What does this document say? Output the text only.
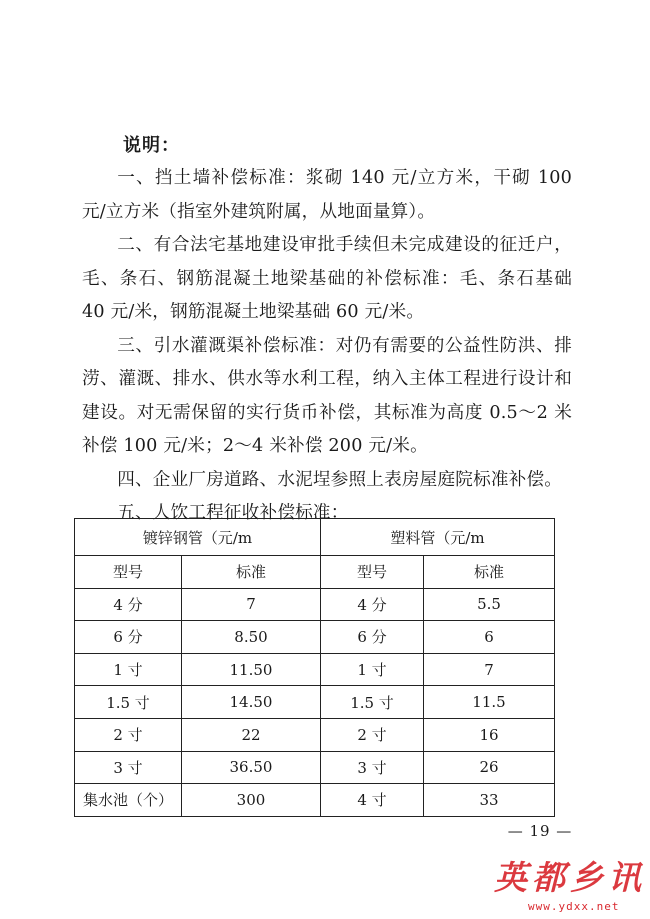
说明：

一、挡土墙补偿标准：浆砌 140 元/立方米，干砌 100 元/立方米（指室外建筑附属，从地面量算）。

二、有合法宅基地建设审批手续但未完成建设的征迁户，毛、条石、钢筋混凝土地梁基础的补偿标准：毛、条石基础 40 元/米，钢筋混凝土地梁基础 60 元/米。

三、引水灌溉渠补偿标准：对仍有需要的公益性防洪、排涝、灌溉、排水、供水等水利工程，纳入主体工程进行设计和建设。对无需保留的实行货币补偿，其标准为高度 0.5～2 米补偿 100 元/米；2～4 米补偿 200 元/米。

四、企业厂房道路、水泥埕参照上表房屋庭院标准补偿。

五、人饮工程征收补偿标准：

镀锌钢管（元/m		塑料管（元/m	
型号	标准	型号	标准
4 分	7	4 分	5.5
6 分	8.50	6 分	6
1 寸	11.50	1 寸	7
1.5 寸	14.50	1.5 寸	11.5
2 寸	22	2 寸	16
3 寸	36.50	3 寸	26
集水池（个）	300	4 寸	33
— 19 —
英都乡讯
www.ydxx.net
